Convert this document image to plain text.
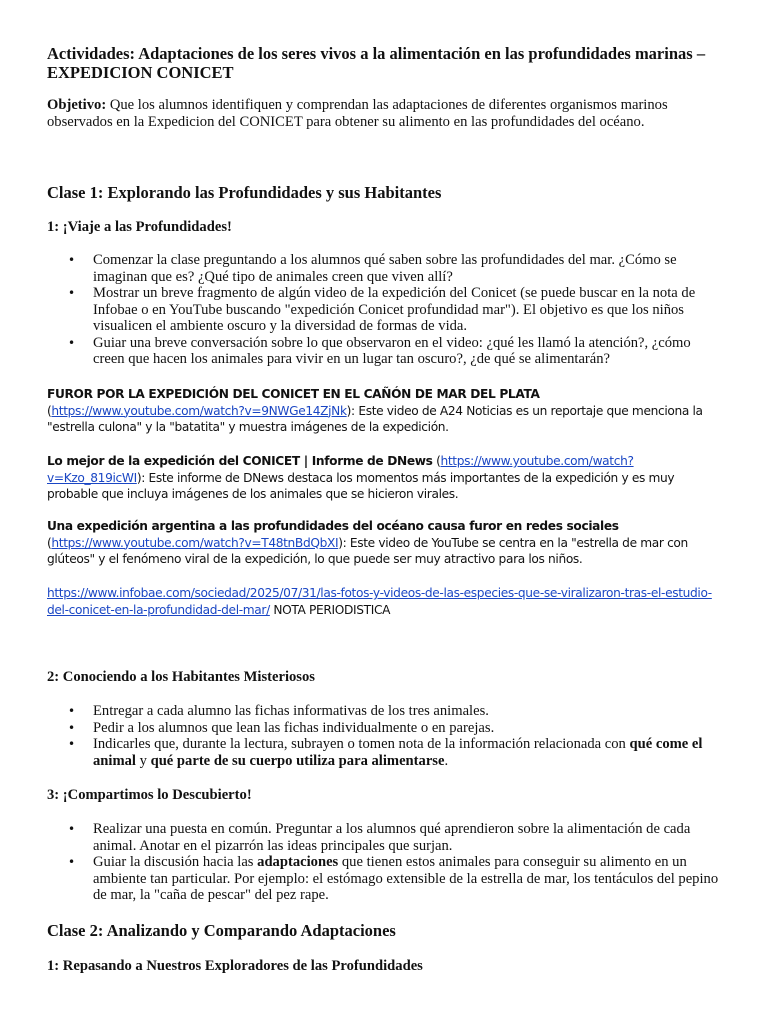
Actividades: Adaptaciones de los seres vivos a la alimentación en las profundidades marinas – EXPEDICION CONICET

Objetivo: Que los alumnos identifiquen y comprendan las adaptaciones de diferentes organismos marinos observados en la Expedicion del CONICET para obtener su alimento en las profundidades del océano.

Clase 1: Explorando las Profundidades y sus Habitantes
1: ¡Viaje a las Profundidades!
• Comenzar la clase preguntando a los alumnos qué saben sobre las profundidades del mar. ¿Cómo se imaginan que es? ¿Qué tipo de animales creen que viven allí?
• Mostrar un breve fragmento de algún video de la expedición del Conicet (se puede buscar en la nota de Infobae o en YouTube buscando "expedición Conicet profundidad mar"). El objetivo es que los niños visualicen el ambiente oscuro y la diversidad de formas de vida.
• Guiar una breve conversación sobre lo que observaron en el video: ¿qué les llamó la atención?, ¿cómo creen que hacen los animales para vivir en un lugar tan oscuro?, ¿de qué se alimentarán?

FUROR POR LA EXPEDICIÓN DEL CONICET EN EL CAÑÓN DE MAR DEL PLATA (https://www.youtube.com/watch?v=9NWGe14ZjNk): Este video de A24 Noticias es un reportaje que menciona la "estrella culona" y la "batatita" y muestra imágenes de la expedición.

Lo mejor de la expedición del CONICET | Informe de DNews (https://www.youtube.com/watch?v=Kzo_819icWI): Este informe de DNews destaca los momentos más importantes de la expedición y es muy probable que incluya imágenes de los animales que se hicieron virales.

Una expedición argentina a las profundidades del océano causa furor en redes sociales (https://www.youtube.com/watch?v=T48tnBdQbXI): Este video de YouTube se centra en la "estrella de mar con glúteos" y el fenómeno viral de la expedición, lo que puede ser muy atractivo para los niños.

https://www.infobae.com/sociedad/2025/07/31/las-fotos-y-videos-de-las-especies-que-se-viralizaron-tras-el-estudio-del-conicet-en-la-profundidad-del-mar/ NOTA PERIODISTICA

2: Conociendo a los Habitantes Misteriosos
• Entregar a cada alumno las fichas informativas de los tres animales.
• Pedir a los alumnos que lean las fichas individualmente o en parejas.
• Indicarles que, durante la lectura, subrayen o tomen nota de la información relacionada con qué come el animal y qué parte de su cuerpo utiliza para alimentarse.
3: ¡Compartimos lo Descubierto!
• Realizar una puesta en común. Preguntar a los alumnos qué aprendieron sobre la alimentación de cada animal. Anotar en el pizarrón las ideas principales que surjan.
• Guiar la discusión hacia las adaptaciones que tienen estos animales para conseguir su alimento en un ambiente tan particular. Por ejemplo: el estómago extensible de la estrella de mar, los tentáculos del pepino de mar, la "caña de pescar" del pez rape.
Clase 2: Analizando y Comparando Adaptaciones
1: Repasando a Nuestros Exploradores de las Profundidades
